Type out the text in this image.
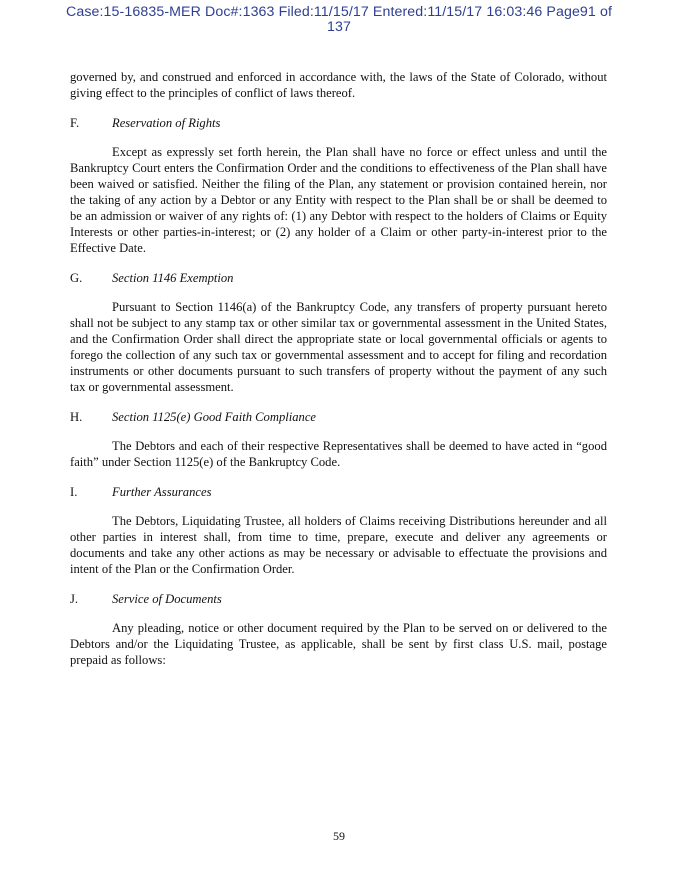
Case:15-16835-MER Doc#:1363 Filed:11/15/17 Entered:11/15/17 16:03:46 Page91 of
137

governed by, and construed and enforced in accordance with, the laws of the State of Colorado, without giving effect to the principles of conflict of laws thereof.

F.	Reservation of Rights

Except as expressly set forth herein, the Plan shall have no force or effect unless and until the Bankruptcy Court enters the Confirmation Order and the conditions to effectiveness of the Plan shall have been waived or satisfied. Neither the filing of the Plan, any statement or provision contained herein, nor the taking of any action by a Debtor or any Entity with respect to the Plan shall be or shall be deemed to be an admission or waiver of any rights of: (1) any Debtor with respect to the holders of Claims or Equity Interests or other parties-in-interest; or (2) any holder of a Claim or other party-in-interest prior to the Effective Date.

G.	Section 1146 Exemption

Pursuant to Section 1146(a) of the Bankruptcy Code, any transfers of property pursuant hereto shall not be subject to any stamp tax or other similar tax or governmental assessment in the United States, and the Confirmation Order shall direct the appropriate state or local governmental officials or agents to forego the collection of any such tax or governmental assessment and to accept for filing and recordation instruments or other documents pursuant to such transfers of property without the payment of any such tax or governmental assessment.

H.	Section 1125(e) Good Faith Compliance

The Debtors and each of their respective Representatives shall be deemed to have acted in “good faith” under Section 1125(e) of the Bankruptcy Code.

I.	Further Assurances

The Debtors, Liquidating Trustee, all holders of Claims receiving Distributions hereunder and all other parties in interest shall, from time to time, prepare, execute and deliver any agreements or documents and take any other actions as may be necessary or advisable to effectuate the provisions and intent of the Plan or the Confirmation Order.

J.	Service of Documents

Any pleading, notice or other document required by the Plan to be served on or delivered to the Debtors and/or the Liquidating Trustee, as applicable, shall be sent by first class U.S. mail, postage prepaid as follows:

59
